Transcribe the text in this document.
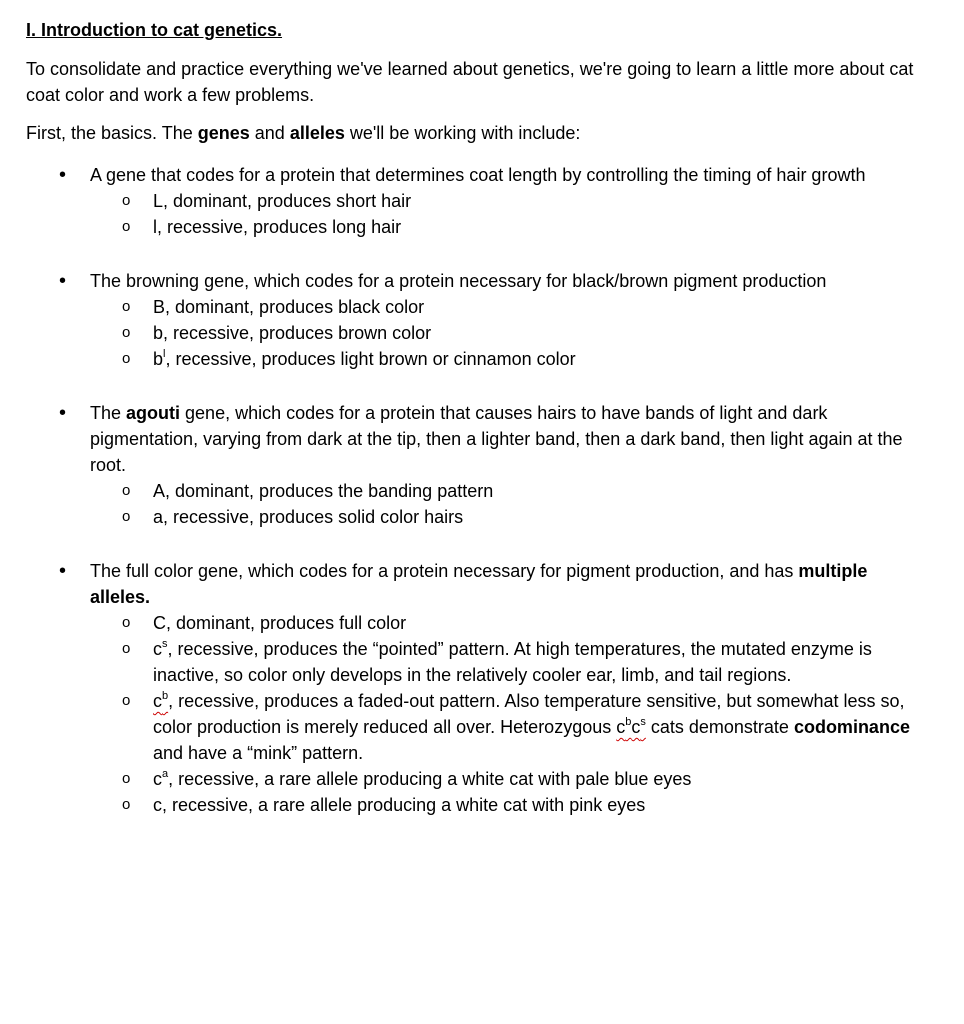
I. Introduction to cat genetics.

To consolidate and practice everything we've learned about genetics, we're going to learn a little more about cat coat color and work a few problems.

First, the basics. The genes and alleles we'll be working with include:

• A gene that codes for a protein that determines coat length by controlling the timing of hair growth
o L, dominant, produces short hair
o l, recessive, produces long hair
• The browning gene, which codes for a protein necessary for black/brown pigment production
o B, dominant, produces black color
o b, recessive, produces brown color
o $b^l$, recessive, produces light brown or cinnamon color
• The agouti gene, which codes for a protein that causes hairs to have bands of light and dark pigmentation, varying from dark at the tip, then a lighter band, then a dark band, then light again at the root.
o A, dominant, produces the banding pattern
o a, recessive, produces solid color hairs
• The full color gene, which codes for a protein necessary for pigment production, and has multiple alleles.
o C, dominant, produces full color
o $c^s$, recessive, produces the “pointed” pattern. At high temperatures, the mutated enzyme is inactive, so color only develops in the relatively cooler ear, limb, and tail regions.
o $c^b$, recessive, produces a faded-out pattern. Also temperature sensitive, but somewhat less so, color production is merely reduced all over. Heterozygous $c^bc^s$ cats demonstrate codominance and have a “mink” pattern.
o $c^a$, recessive, a rare allele producing a white cat with pale blue eyes
o c, recessive, a rare allele producing a white cat with pink eyes
